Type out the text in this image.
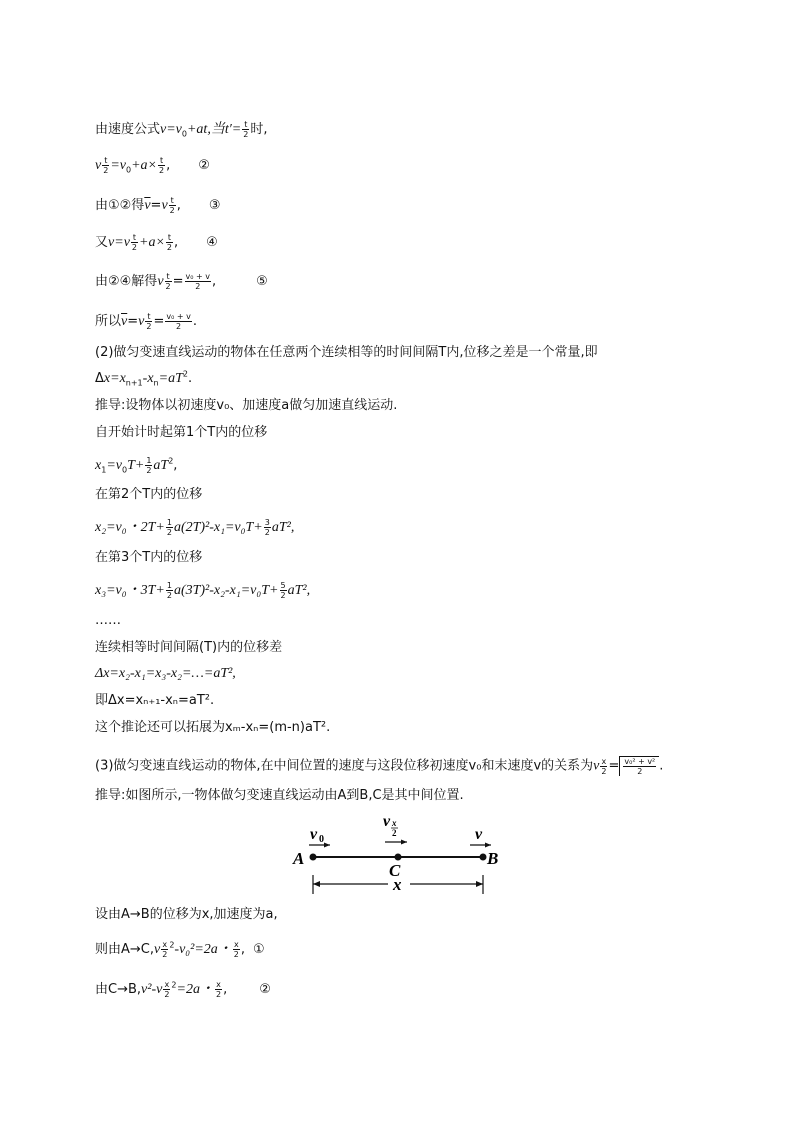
由速度公式$v=v_0+at$,当$t'= \frac{t}{2}$ 时,
v $\frac{t}{2} =v_0+a\times \frac{t}{2}$ , ②
由①②得$\overline{v}=v \frac{t}{2}$ , ③
又$v=v \frac{t}{2} +a\times \frac{t}{2}$ , ④
由②④解得v $\frac{t}{2} = \frac{\text{v₀ + v}}{2}$ ,	⑤
所以$\overline{v}=v \frac{t}{2} = \frac{\text{v₀ + v}}{2}$ .
(2)做匀变速直线运动的物体在任意两个连续相等的时间间隔T内,位移之差是一个常量,即
$\Delta x=x_{n+1}-x_n=aT^2$.
推导:设物体以初速度v₀、加速度a做匀加速直线运动.
自开始计时起第1个T内的位移
$x_1=v_0T+ \frac{1}{2} aT^2$,
在第2个T内的位移
x₂=v₀・$2T+ \frac{1}{2} a(2T)^2-x_1=v_0T+ \frac{3}{2} aT^2$,
在第3个T内的位移
x₃=v₀・$3T+ \frac{1}{2} a(3T)^2-x_2-x_1=v_0T+ \frac{5}{2} aT^2$,
……
连续相等时间间隔(T)内的位移差
Δx=x₂-x₁=x₃-x₂=…=aT²,
即Δx=xₙ₊₁-xₙ=aT².
这个推论还可以拓展为xₘ-xₙ=(m-n)aT².
(3)做匀变速直线运动的物体,在中间位置的速度与这段位移初速度v₀和末速度v的关系为v $\frac{x}{2} = \frac{\text{v₀² + v²}}{2}$ .
推导:如图所示,一物体做匀变速直线运动由A到B,C是其中间位置.
A	B
C
v 0
v x
2	v
x
设由A→B的位移为x,加速度为a,
则由$A\to C,v \frac{x}{2} ^2-v_0^2=2a$・ $\frac{x}{2}$ , ①
由$C\to B,v^2-v \frac{x}{2} ^2=2a$・ $\frac{x}{2}$ , ②
